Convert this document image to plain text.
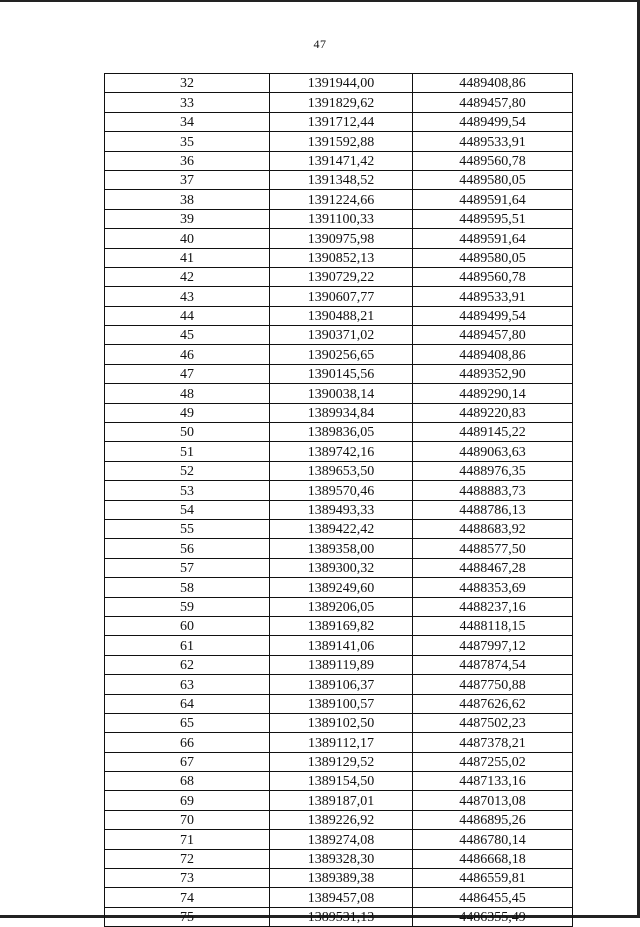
47
32	1391944,00	4489408,86
33	1391829,62	4489457,80
34	1391712,44	4489499,54
35	1391592,88	4489533,91
36	1391471,42	4489560,78
37	1391348,52	4489580,05
38	1391224,66	4489591,64
39	1391100,33	4489595,51
40	1390975,98	4489591,64
41	1390852,13	4489580,05
42	1390729,22	4489560,78
43	1390607,77	4489533,91
44	1390488,21	4489499,54
45	1390371,02	4489457,80
46	1390256,65	4489408,86
47	1390145,56	4489352,90
48	1390038,14	4489290,14
49	1389934,84	4489220,83
50	1389836,05	4489145,22
51	1389742,16	4489063,63
52	1389653,50	4488976,35
53	1389570,46	4488883,73
54	1389493,33	4488786,13
55	1389422,42	4488683,92
56	1389358,00	4488577,50
57	1389300,32	4488467,28
58	1389249,60	4488353,69
59	1389206,05	4488237,16
60	1389169,82	4488118,15
61	1389141,06	4487997,12
62	1389119,89	4487874,54
63	1389106,37	4487750,88
64	1389100,57	4487626,62
65	1389102,50	4487502,23
66	1389112,17	4487378,21
67	1389129,52	4487255,02
68	1389154,50	4487133,16
69	1389187,01	4487013,08
70	1389226,92	4486895,26
71	1389274,08	4486780,14
72	1389328,30	4486668,18
73	1389389,38	4486559,81
74	1389457,08	4486455,45
75	1389531,13	4486355,49
